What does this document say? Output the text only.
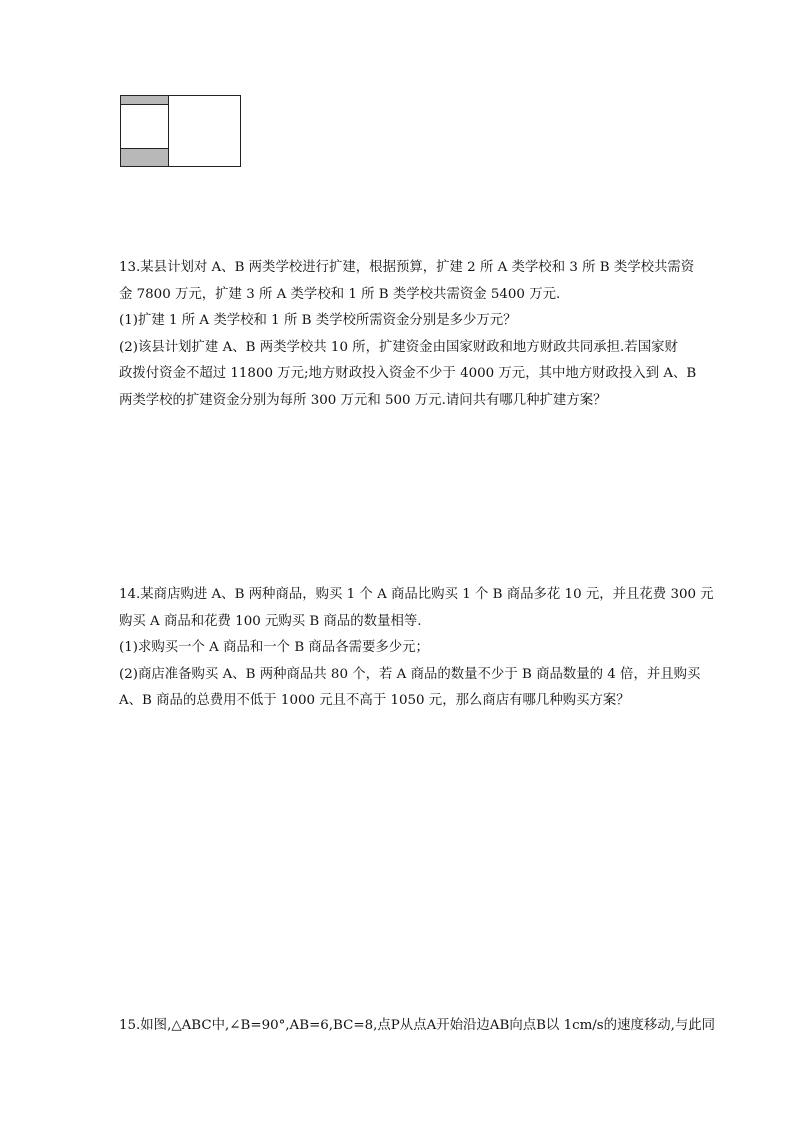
13.某县计划对 A、B 两类学校进行扩建，根据预算，扩建 2 所 A 类学校和 3 所 B 类学校共需资
金 7800 万元，扩建 3 所 A 类学校和 1 所 B 类学校共需资金 5400 万元.
(1)扩建 1 所 A 类学校和 1 所 B 类学校所需资金分别是多少万元？
(2)该县计划扩建 A、B 两类学校共 10 所，扩建资金由国家财政和地方财政共同承担.若国家财
政拨付资金不超过 11800 万元;地方财政投入资金不少于 4000 万元，其中地方财政投入到 A、B
两类学校的扩建资金分别为每所 300 万元和 500 万元.请问共有哪几种扩建方案？
14.某商店购进 A、B 两种商品，购买 1 个 A 商品比购买 1 个 B 商品多花 10 元，并且花费 300 元
购买 A 商品和花费 100 元购买 B 商品的数量相等.
(1)求购买一个 A 商品和一个 B 商品各需要多少元；
(2)商店准备购买 A、B 两种商品共 80 个，若 A 商品的数量不少于 B 商品数量的 4 倍，并且购买
A、B 商品的总费用不低于 1000 元且不高于 1050 元，那么商店有哪几种购买方案？
15.如图,△ABC中,∠B=90°,AB=6,BC=8,点P从点A开始沿边AB向点B以 1cm/s的速度移动,与此同
